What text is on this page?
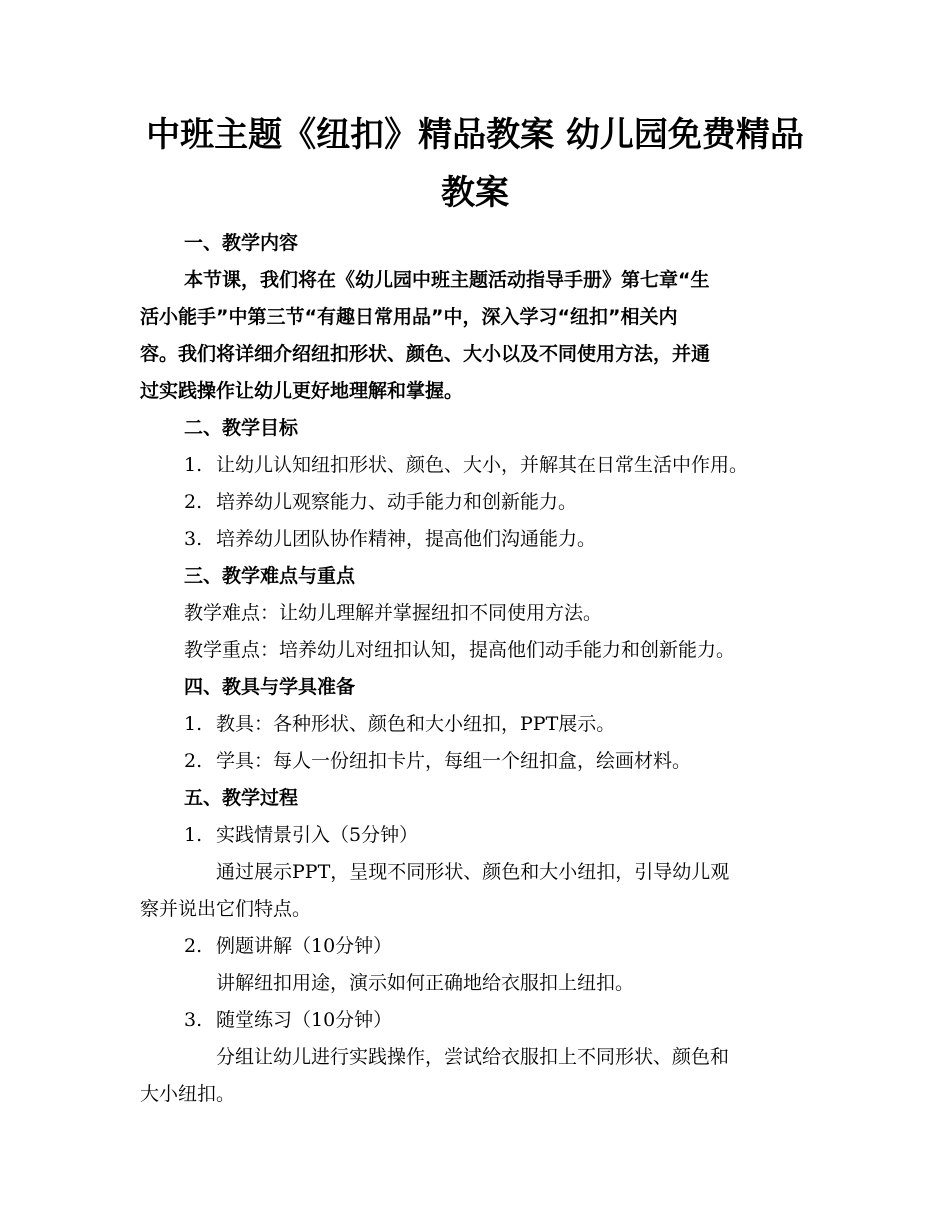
中班主题《纽扣》精品教案 幼儿园免费精品
教案

一、教学内容

本节课，我们将在《幼儿园中班主题活动指导手册》第七章“生

活小能手”中第三节“有趣日常用品”中，深入学习“纽扣”相关内

容。我们将详细介绍纽扣形状、颜色、大小以及不同使用方法，并通

过实践操作让幼儿更好地理解和掌握。

二、教学目标

1. 让幼儿认知纽扣形状、颜色、大小，并解其在日常生活中作用。

2. 培养幼儿观察能力、动手能力和创新能力。

3. 培养幼儿团队协作精神，提高他们沟通能力。

三、教学难点与重点

教学难点：让幼儿理解并掌握纽扣不同使用方法。

教学重点：培养幼儿对纽扣认知，提高他们动手能力和创新能力。

四、教具与学具准备

1. 教具：各种形状、颜色和大小纽扣，PPT展示。

2. 学具：每人一份纽扣卡片，每组一个纽扣盒，绘画材料。

五、教学过程

1. 实践情景引入（5分钟）

通过展示PPT，呈现不同形状、颜色和大小纽扣，引导幼儿观

察并说出它们特点。

2. 例题讲解（10分钟）

讲解纽扣用途，演示如何正确地给衣服扣上纽扣。

3. 随堂练习（10分钟）

分组让幼儿进行实践操作，尝试给衣服扣上不同形状、颜色和

大小纽扣。
